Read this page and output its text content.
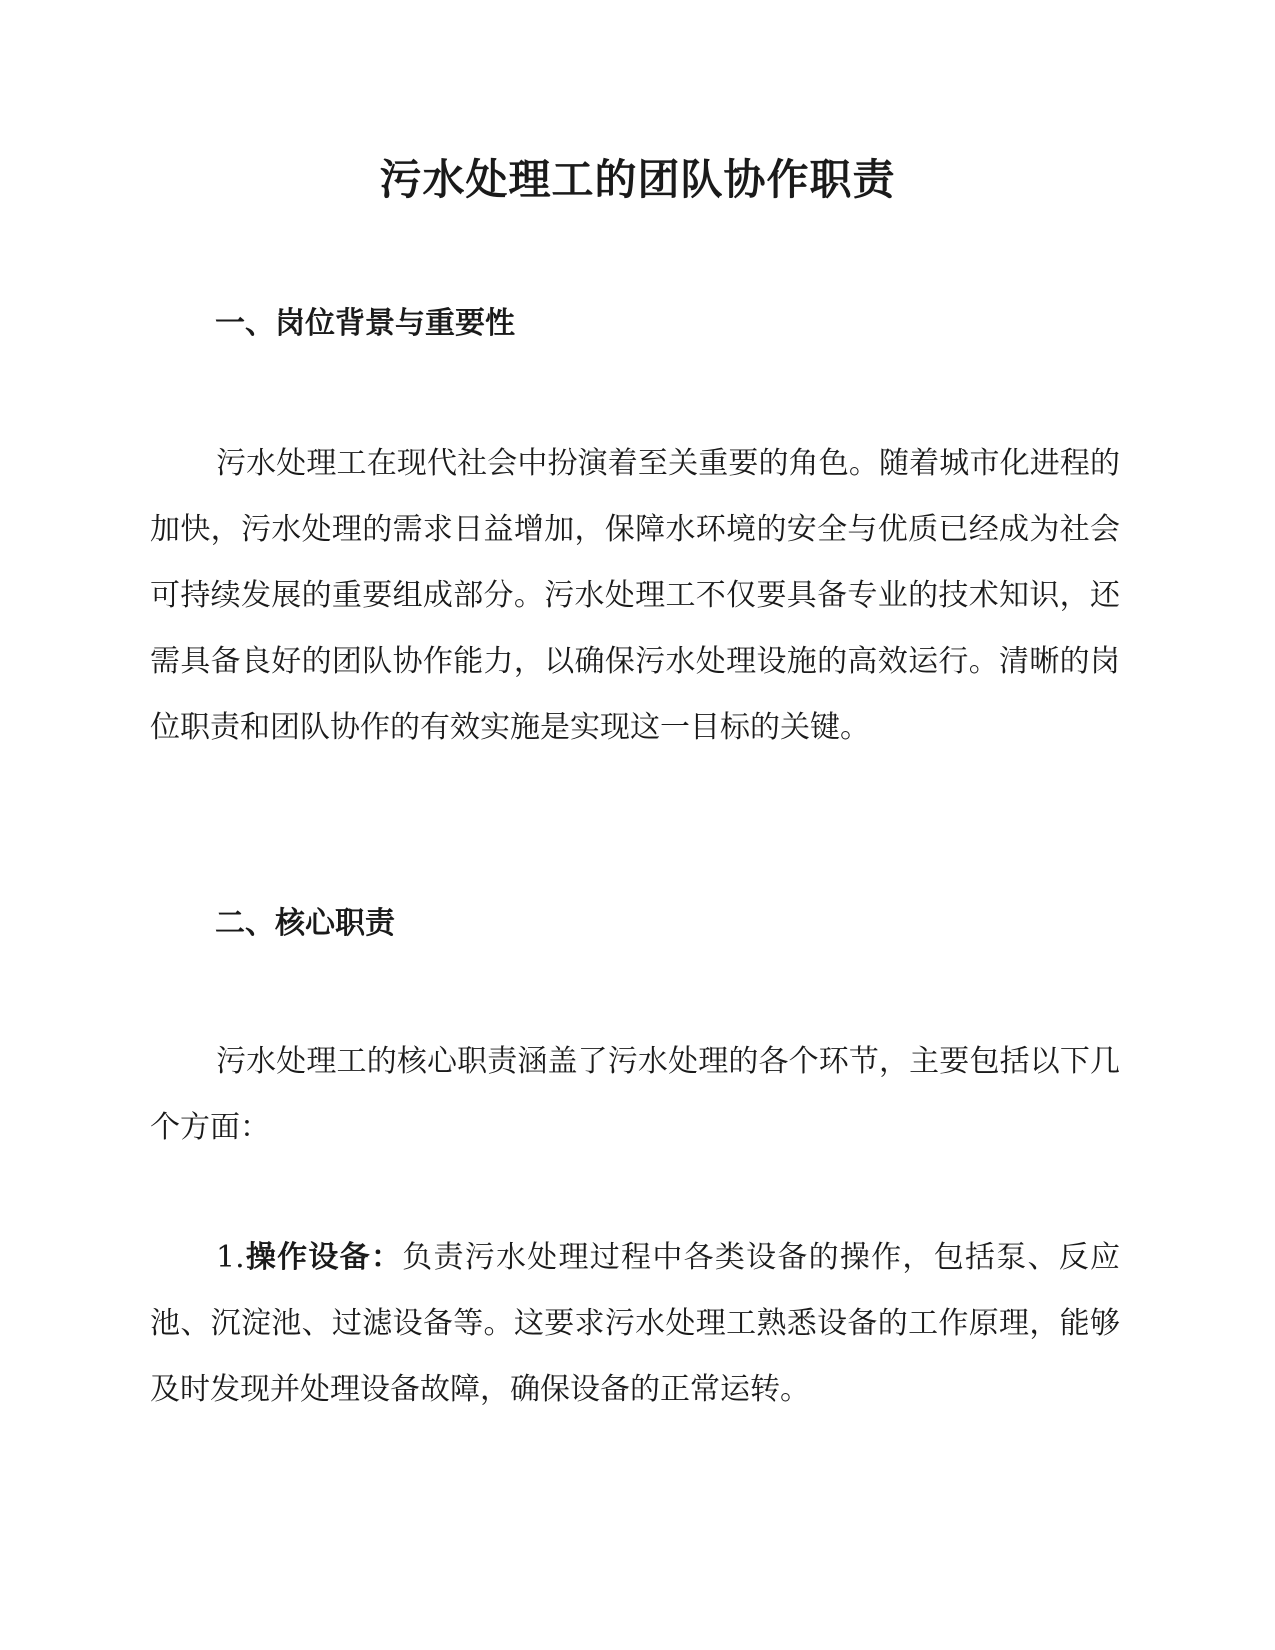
污水处理工的团队协作职责
一、岗位背景与重要性

污水处理工在现代社会中扮演着至关重要的角色。随着城市化进程的加快，污水处理的需求日益增加，保障水环境的安全与优质已经成为社会可持续发展的重要组成部分。污水处理工不仅要具备专业的技术知识，还需具备良好的团队协作能力，以确保污水处理设施的高效运行。清晰的岗位职责和团队协作的有效实施是实现这一目标的关键。

二、核心职责

污水处理工的核心职责涵盖了污水处理的各个环节，主要包括以下几个方面：

1.操作设备：负责污水处理过程中各类设备的操作，包括泵、反应池、沉淀池、过滤设备等。这要求污水处理工熟悉设备的工作原理，能够及时发现并处理设备故障，确保设备的正常运转。
